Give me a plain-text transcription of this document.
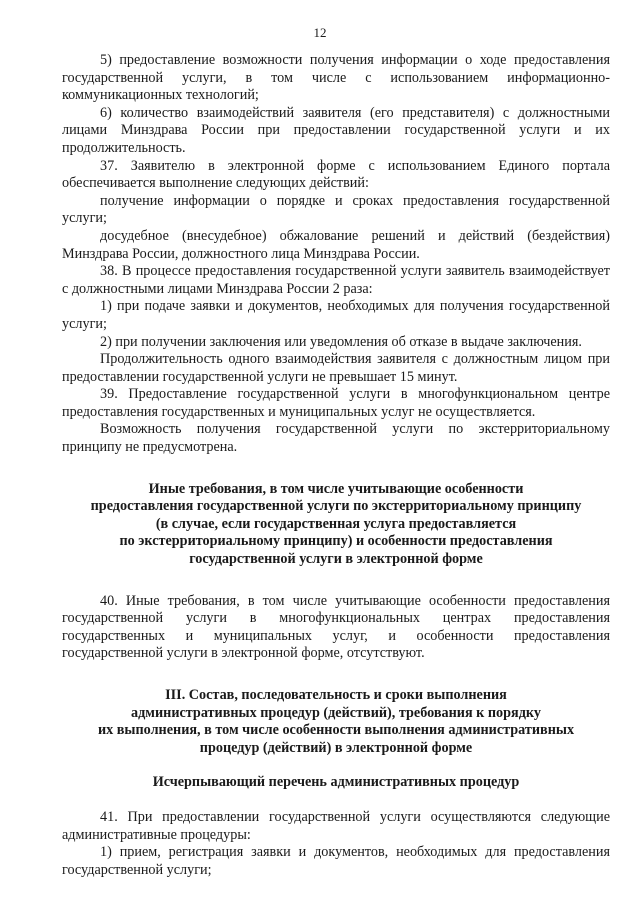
12

5) предоставление возможности получения информации о ходе предоставления государственной услуги, в том числе с использованием информационно-коммуникационных технологий;

6) количество взаимодействий заявителя (его представителя) с должностными лицами Минздрава России при предоставлении государственной услуги и их продолжительность.

37. Заявителю в электронной форме с использованием Единого портала обеспечивается выполнение следующих действий:

получение информации о порядке и сроках предоставления государственной услуги;

досудебное (внесудебное) обжалование решений и действий (бездействия) Минздрава России, должностного лица Минздрава России.

38. В процессе предоставления государственной услуги заявитель взаимодействует с должностными лицами Минздрава России 2 раза:

1) при подаче заявки и документов, необходимых для получения государственной услуги;

2) при получении заключения или уведомления об отказе в выдаче заключения.

Продолжительность одного взаимодействия заявителя с должностным лицом при предоставлении государственной услуги не превышает 15 минут.

39. Предоставление государственной услуги в многофункциональном центре предоставления государственных и муниципальных услуг не осуществляется.

Возможность получения государственной услуги по экстерриториальному принципу не предусмотрена.

Иные требования, в том числе учитывающие особенности

предоставления государственной услуги по экстерриториальному принципу

(в случае, если государственная услуга предоставляется

по экстерриториальному принципу) и особенности предоставления

государственной услуги в электронной форме

40. Иные требования, в том числе учитывающие особенности предоставления государственной услуги в многофункциональных центрах предоставления государственных и муниципальных услуг, и особенности предоставления государственной услуги в электронной форме, отсутствуют.

III. Состав, последовательность и сроки выполнения

административных процедур (действий), требования к порядку

их выполнения, в том числе особенности выполнения административных

процедур (действий) в электронной форме

Исчерпывающий перечень административных процедур

41. При предоставлении государственной услуги осуществляются следующие административные процедуры:

1) прием, регистрация заявки и документов, необходимых для предоставления государственной услуги;
